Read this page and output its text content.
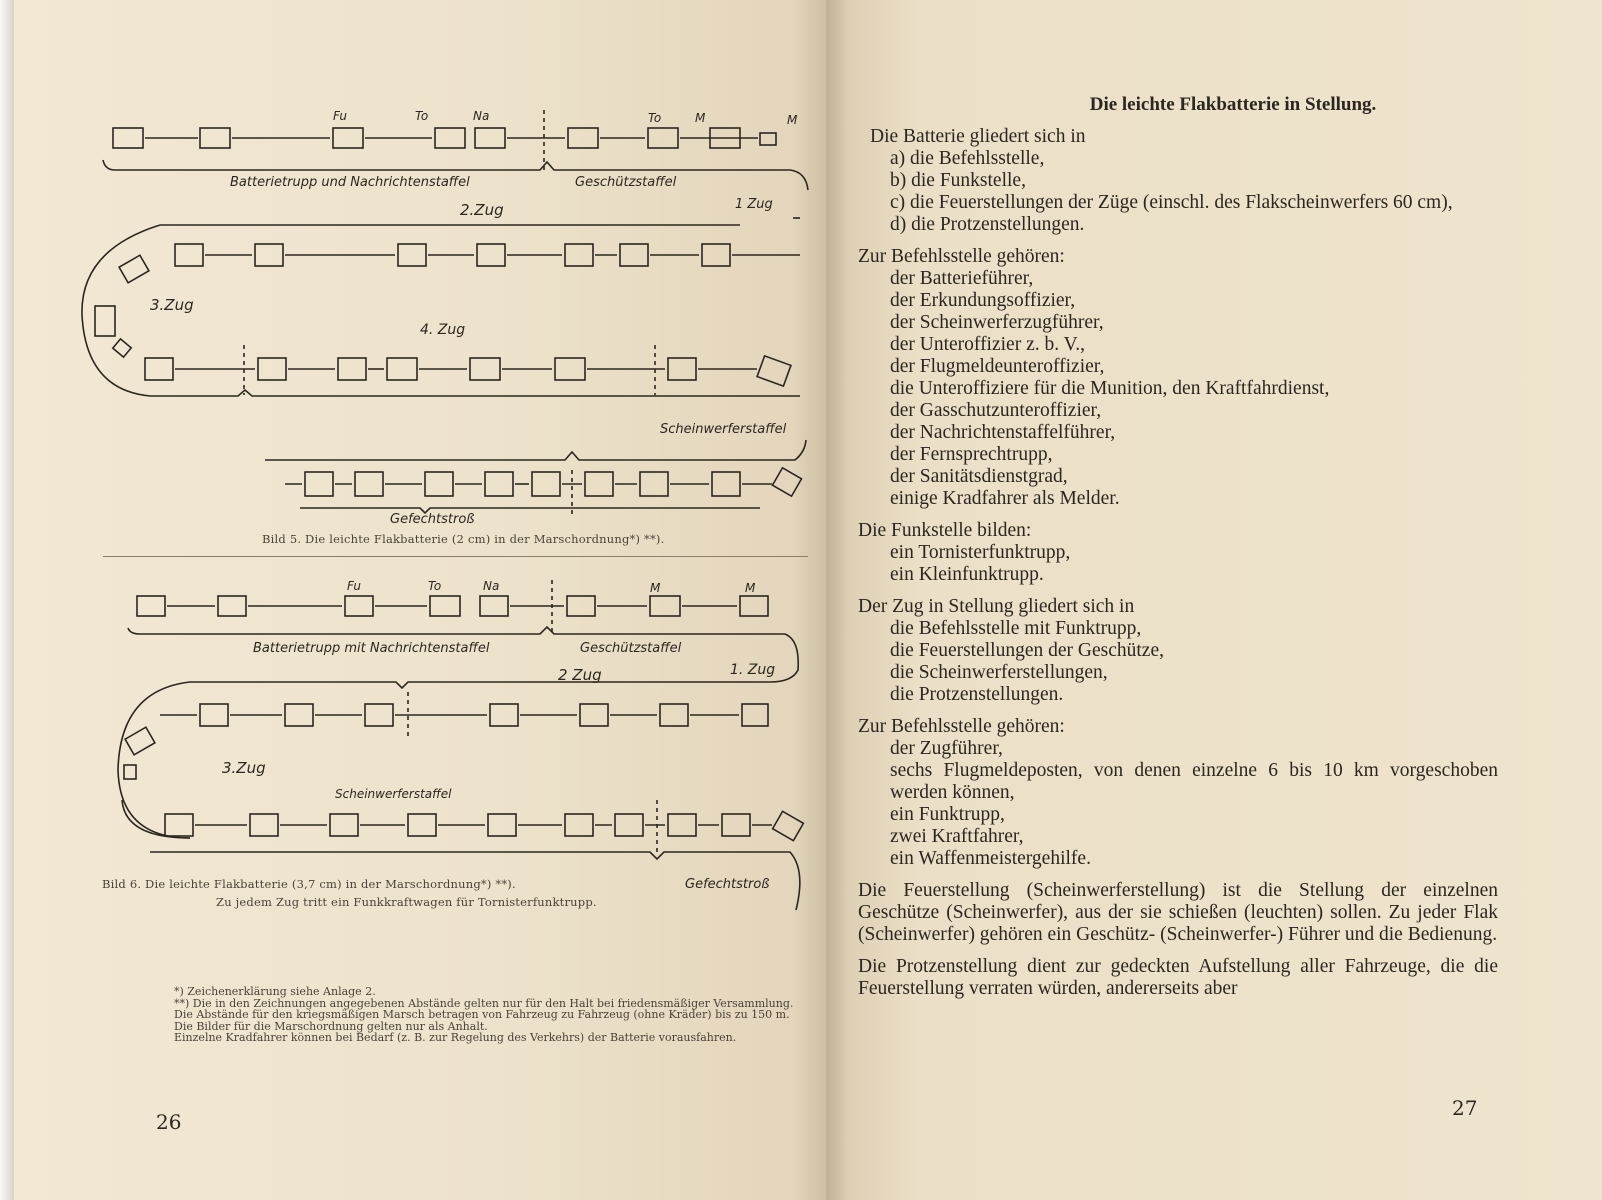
Fu	To	Na	To	M	M
Batterietrupp und Nachrichtenstaffel	Geschützstaffel
2.Zug	1 Zug
3.Zug
4. Zug
Scheinwerferstaffel
Gefechtstroß
Bild 5. Die leichte Flakbatterie (2 cm) in der Marschordnung*) **).
Fu	To	Na	M	M
Batterietrupp mit Nachrichtenstaffel	Geschützstaffel
2 Zug	1. Zug
3.Zug
Scheinwerferstaffel
Gefechtstroß
Bild 6. Die leichte Flakbatterie (3,7 cm) in der Marschordnung*) **).
Zu jedem Zug tritt ein Funkkraftwagen für Tornisterfunktrupp.

*) Zeichenerklärung siehe Anlage 2.

**) Die in den Zeichnungen angegebenen Abstände gelten nur für den Halt bei friedensmäßiger Versammlung. Die Abstände für den kriegsmäßigen Marsch betragen von Fahrzeug zu Fahrzeug (ohne Kräder) bis zu 150 m.

Die Bilder für die Marschordnung gelten nur als Anhalt.

Einzelne Kradfahrer können bei Bedarf (z. B. zur Regelung des Verkehrs) der Batterie vorausfahren.

26

Die leichte Flakbatterie in Stellung.

Die Batterie gliedert sich in

a) die Befehlsstelle,

b) die Funkstelle,

c) die Feuerstellungen der Züge (einschl. des Flakscheinwerfers 60 cm),

d) die Protzenstellungen.

Zur Befehlsstelle gehören:

der Batterieführer,

der Erkundungsoffizier,

der Scheinwerferzugführer,

der Unteroffizier z. b. V.,

der Flugmeldeunteroffizier,

die Unteroffiziere für die Munition, den Kraftfahrdienst,

der Gasschutzunteroffizier,

der Nachrichtenstaffelführer,

der Fernsprechtrupp,

der Sanitätsdienstgrad,

einige Kradfahrer als Melder.

Die Funkstelle bilden:

ein Tornisterfunktrupp,

ein Kleinfunktrupp.

Der Zug in Stellung gliedert sich in

die Befehlsstelle mit Funktrupp,

die Feuerstellungen der Geschütze,

die Scheinwerferstellungen,

die Protzenstellungen.

Zur Befehlsstelle gehören:

der Zugführer,

sechs Flugmeldeposten, von denen einzelne 6 bis 10 km vorgeschoben werden können,

ein Funktrupp,

zwei Kraftfahrer,

ein Waffenmeistergehilfe.

Die Feuerstellung (Scheinwerferstellung) ist die Stellung der einzelnen Geschütze (Scheinwerfer), aus der sie schießen (leuchten) sollen. Zu jeder Flak (Scheinwerfer) gehören ein Geschütz- (Scheinwerfer-) Führer und die Bedienung.

Die Protzenstellung dient zur gedeckten Aufstellung aller Fahrzeuge, die die Feuerstellung verraten würden, andererseits aber

27
